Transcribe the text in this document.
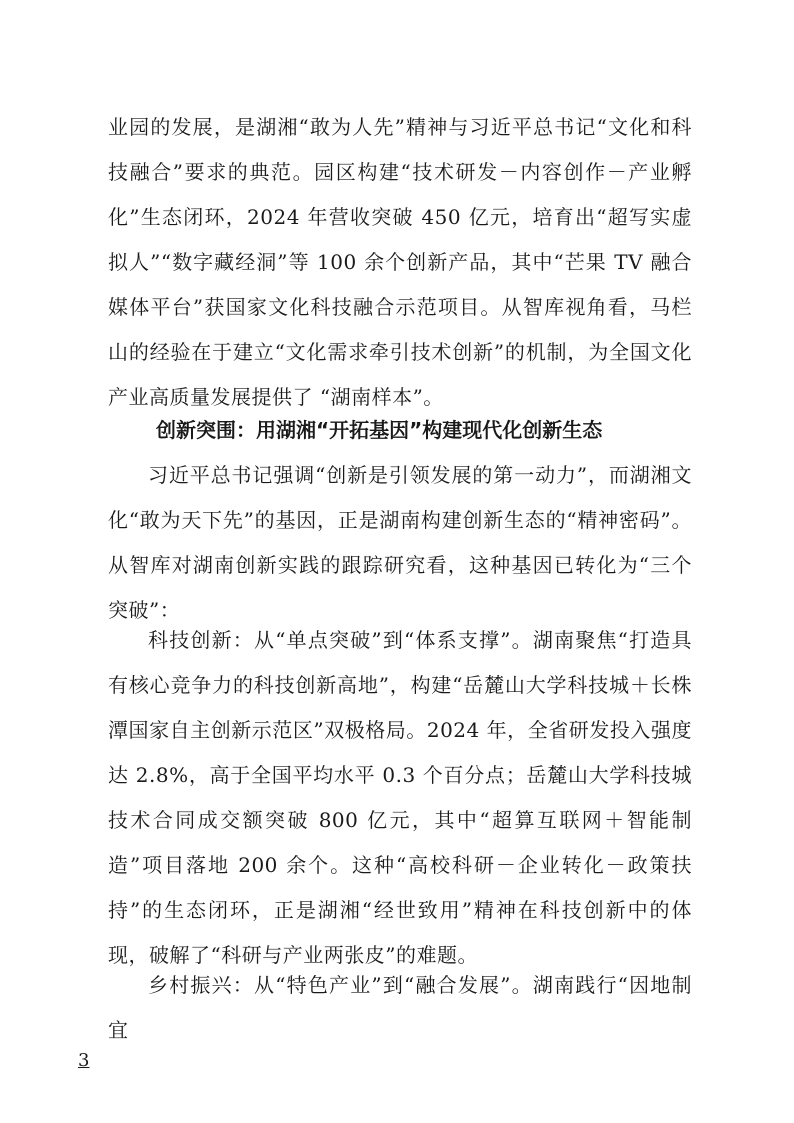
业园的发展，是湖湘“敢为人先”精神与习近平总书记“文化和科技融合”要求的典范。园区构建“技术研发－内容创作－产业孵化”生态闭环，2024 年营收突破 450 亿元，培育出“超写实虚拟人”“数字藏经洞”等 100 余个创新产品，其中“芒果 TV 融合媒体平台”获国家文化科技融合示范项目。从智库视角看，马栏山的经验在于建立“文化需求牵引技术创新”的机制，为全国文化产业高质量发展提供了 “湖南样本”。

创新突围：用湖湘“开拓基因”构建现代化创新生态

习近平总书记强调“创新是引领发展的第一动力”，而湖湘文化“敢为天下先”的基因，正是湖南构建创新生态的“精神密码”。从智库对湖南创新实践的跟踪研究看，这种基因已转化为“三个突破”：

科技创新：从“单点突破”到“体系支撑”。湖南聚焦“打造具有核心竞争力的科技创新高地”，构建“岳麓山大学科技城＋长株潭国家自主创新示范区”双极格局。2024 年，全省研发投入强度达 2.8%，高于全国平均水平 0.3 个百分点；岳麓山大学科技城技术合同成交额突破 800 亿元，其中“超算互联网＋智能制造”项目落地 200 余个。这种“高校科研－企业转化－政策扶持”的生态闭环，正是湖湘“经世致用”精神在科技创新中的体现，破解了“科研与产业两张皮”的难题。

乡村振兴：从“特色产业”到“融合发展”。湖南践行“因地制宜

3
